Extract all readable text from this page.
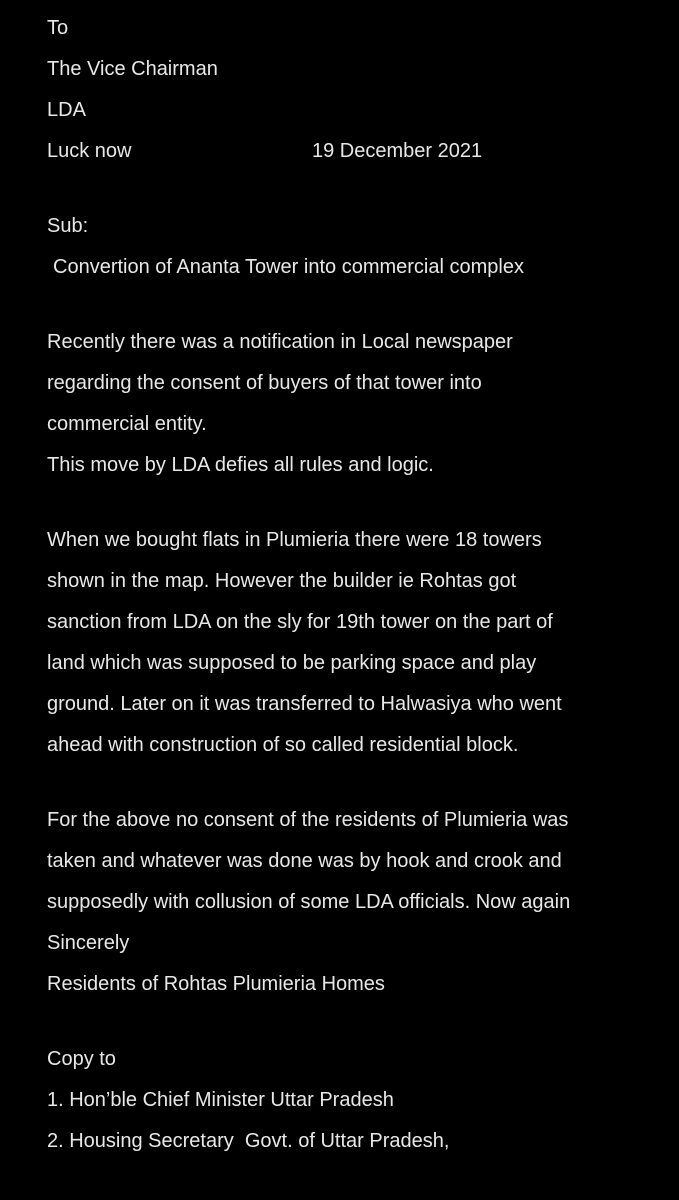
To
The Vice Chairman
LDA
Luck now	19 December 2021
Sub:
Convertion of Ananta Tower into commercial complex
Recently there was a notification in Local newspaper
regarding the consent of buyers of that tower into
commercial entity.
This move by LDA defies all rules and logic.
When we bought flats in Plumieria there were 18 towers
shown in the map. However the builder ie Rohtas got
sanction from LDA on the sly for 19th tower on the part of
land which was supposed to be parking space and play
ground. Later on it was transferred to Halwasiya who went
ahead with construction of so called residential block.
For the above no consent of the residents of Plumieria was
taken and whatever was done was by hook and crook and
supposedly with collusion of some LDA officials. Now again
Sincerely
Residents of Rohtas Plumieria Homes
Copy to
1. Hon’ble Chief Minister Uttar Pradesh
2. Housing Secretary  Govt. of Uttar Pradesh,
